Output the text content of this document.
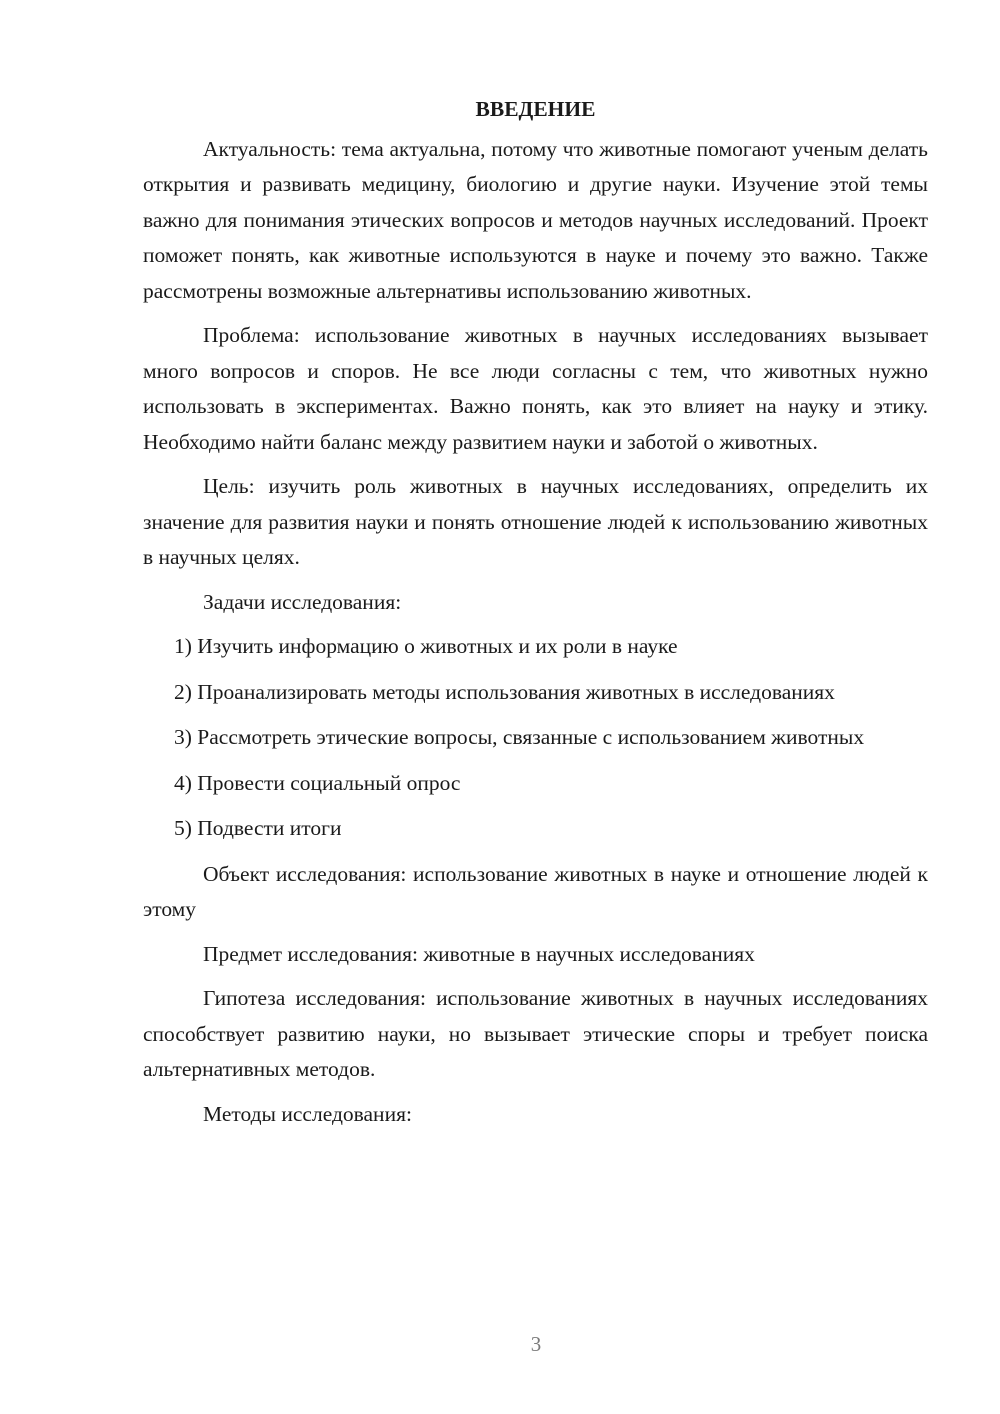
ВВЕДЕНИЕ

Актуальность: тема актуальна, потому что животные помогают ученым делать открытия и развивать медицину, биологию и другие науки. Изучение этой темы важно для понимания этических вопросов и методов научных исследований. Проект поможет понять, как животные используются в науке и почему это важно. Также рассмотрены возможные альтернативы использованию животных.

Проблема: использование животных в научных исследованиях вызывает много вопросов и споров. Не все люди согласны с тем, что животных нужно использовать в экспериментах. Важно понять, как это влияет на науку и этику. Необходимо найти баланс между развитием науки и заботой о животных.

Цель: изучить роль животных в научных исследованиях, определить их значение для развития науки и понять отношение людей к использованию животных в научных целях.

Задачи исследования:

1) Изучить информацию о животных и их роли в науке

2) Проанализировать методы использования животных в исследованиях

3) Рассмотреть этические вопросы, связанные с использованием животных

4) Провести социальный опрос

5) Подвести итоги

Объект исследования: использование животных в науке и отношение людей к этому

Предмет исследования: животные в научных исследованиях

Гипотеза исследования: использование животных в научных исследованиях способствует развитию науки, но вызывает этические споры и требует поиска альтернативных методов.

Методы исследования:

3
